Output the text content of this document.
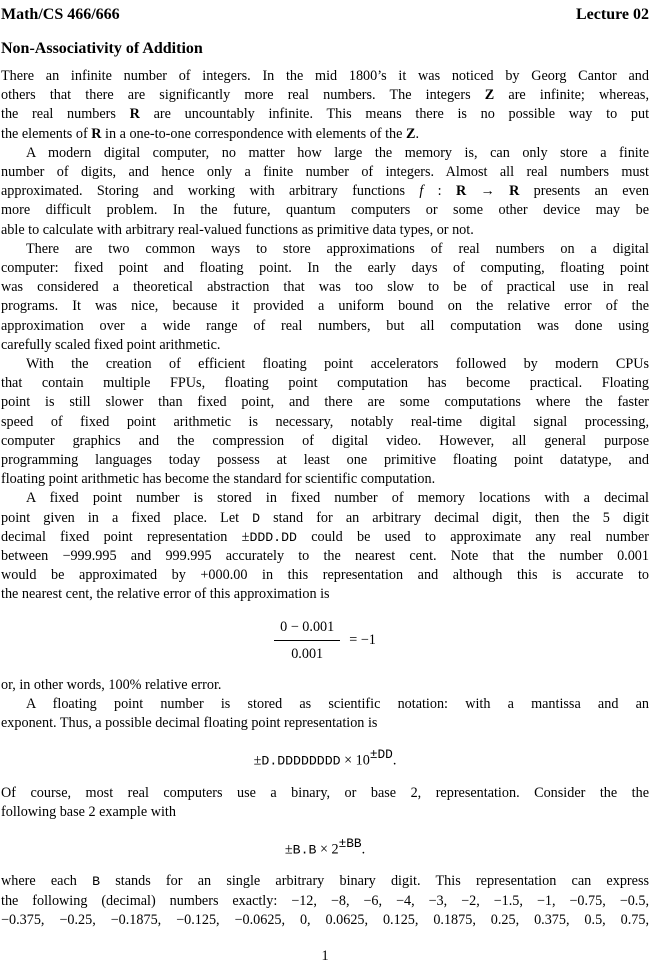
Math/CS 466/666	Lecture 02
Non-Associativity of Addition
There an infinite number of integers. In the mid 1800’s it was noticed by Georg Cantor and
others that there are significantly more real numbers. The integers Z are infinite; whereas,
the real numbers R are uncountably infinite. This means there is no possible way to put
the elements of R in a one-to-one correspondence with elements of the Z.
A modern digital computer, no matter how large the memory is, can only store a finite
number of digits, and hence only a finite number of integers. Almost all real numbers must
approximated. Storing and working with arbitrary functions f : R → R presents an even
more difficult problem. In the future, quantum computers or some other device may be
able to calculate with arbitrary real-valued functions as primitive data types, or not.
There are two common ways to store approximations of real numbers on a digital
computer: fixed point and floating point. In the early days of computing, floating point
was considered a theoretical abstraction that was too slow to be of practical use in real
programs. It was nice, because it provided a uniform bound on the relative error of the
approximation over a wide range of real numbers, but all computation was done using
carefully scaled fixed point arithmetic.
With the creation of efficient floating point accelerators followed by modern CPUs
that contain multiple FPUs, floating point computation has become practical. Floating
point is still slower than fixed point, and there are some computations where the faster
speed of fixed point arithmetic is necessary, notably real-time digital signal processing,
computer graphics and the compression of digital video. However, all general purpose
programming languages today possess at least one primitive floating point datatype, and
floating point arithmetic has become the standard for scientific computation.
A fixed point number is stored in fixed number of memory locations with a decimal
point given in a fixed place. Let D stand for an arbitrary decimal digit, then the 5 digit
decimal fixed point representation ±DDD.DD could be used to approximate any real number
between −999.995 and 999.995 accurately to the nearest cent. Note that the number 0.001
would be approximated by +000.00 in this representation and although this is accurate to
the nearest cent, the relative error of this approximation is
$\frac{0 - 0.001}{0.001} = -1$
or, in other words, 100% relative error.
A floating point number is stored as scientific notation: with a mantissa and an
exponent. Thus, a possible decimal floating point representation is
±D.DDDDDDDD × 10±DD.
Of course, most real computers use a binary, or base 2, representation. Consider the the
following base 2 example with
±B.B × 2±BB.
where each B stands for an single arbitrary binary digit. This representation can express
the following (decimal) numbers exactly: −12, −8, −6, −4, −3, −2, −1.5, −1, −0.75, −0.5,
−0.375, −0.25, −0.1875, −0.125, −0.0625, 0, 0.0625, 0.125, 0.1875, 0.25, 0.375, 0.5, 0.75,
1
